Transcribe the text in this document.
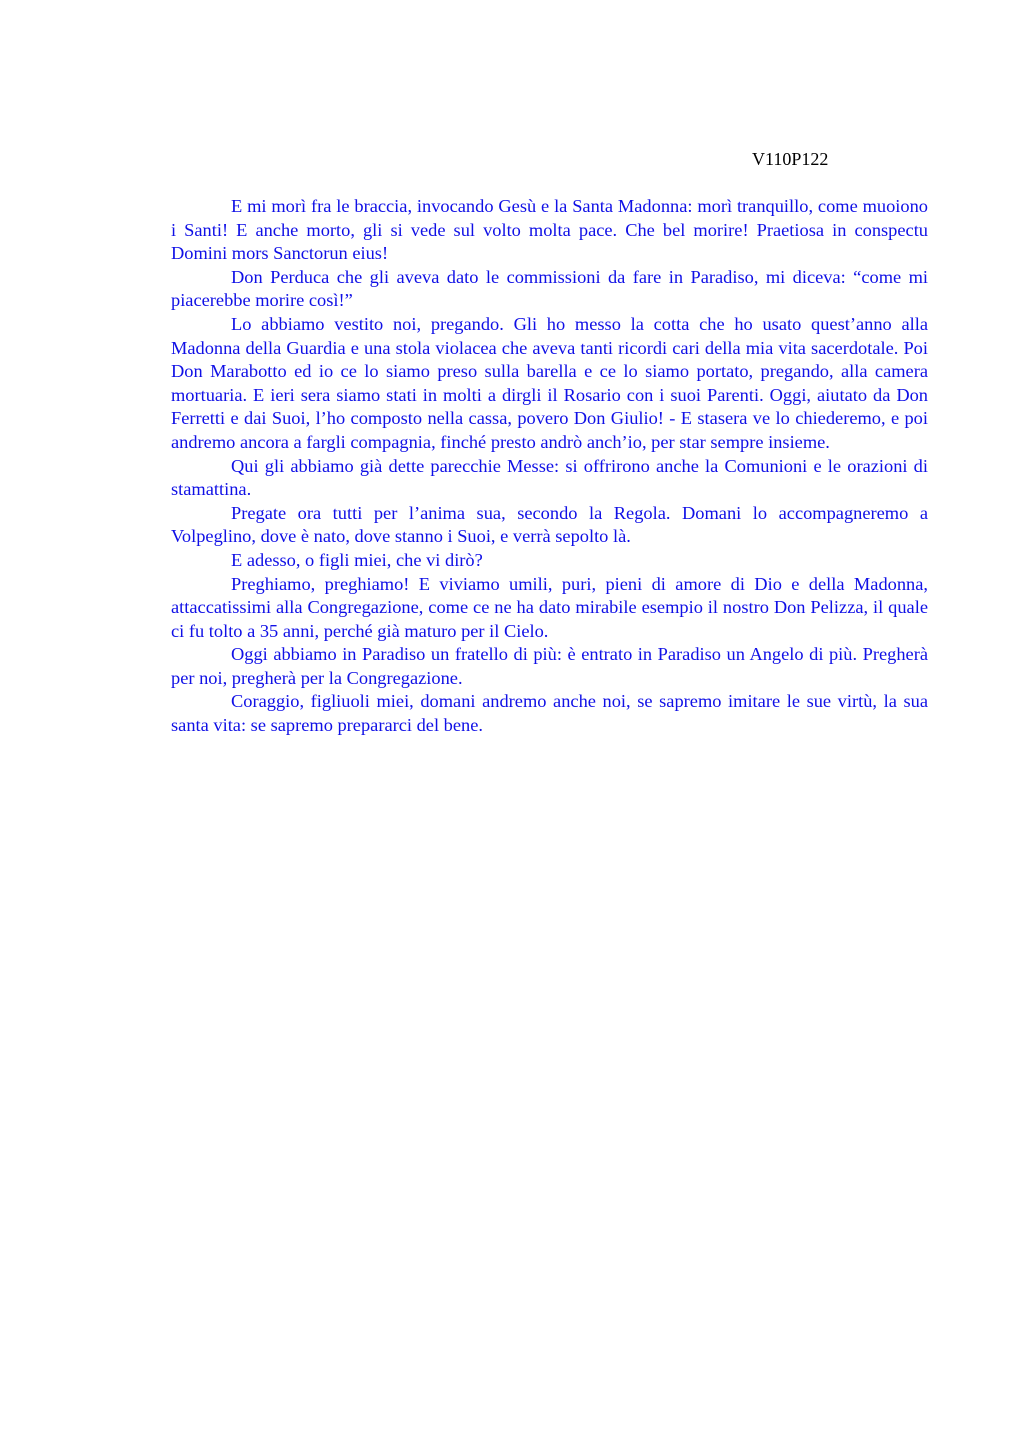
V110P122

E mi morì fra le braccia, invocando Gesù e la Santa Madonna: morì tranquillo, come muoiono i Santi! E anche morto, gli si vede sul volto molta pace. Che bel morire! Praetiosa in conspectu Domini mors Sanctorun eius!

Don Perduca che gli aveva dato le commissioni da fare in Paradiso, mi diceva: “come mi piacerebbe morire così!”

Lo abbiamo vestito noi, pregando. Gli ho messo la cotta che ho usato quest’anno alla Madonna della Guardia e una stola violacea che aveva tanti ricordi cari della mia vita sacerdotale. Poi Don Marabotto ed io ce lo siamo preso sulla barella e ce lo siamo portato, pregando, alla camera mortuaria. E ieri sera siamo stati in molti a dirgli il Rosario con i suoi Parenti. Oggi, aiutato da Don Ferretti e dai Suoi, l’ho composto nella cassa, povero Don Giulio! - E stasera ve lo chiederemo, e poi andremo ancora a fargli compagnia, finché presto andrò anch’io, per star sempre insieme.

Qui gli abbiamo già dette parecchie Messe: si offrirono anche la Comunioni e le orazioni di stamattina.

Pregate ora tutti per l’anima sua, secondo la Regola. Domani lo accompagneremo a Volpeglino, dove è nato, dove stanno i Suoi, e verrà sepolto là.

E adesso, o figli miei, che vi dirò?

Preghiamo, preghiamo! E viviamo umili, puri, pieni di amore di Dio e della Madonna, attaccatissimi alla Congregazione, come ce ne ha dato mirabile esempio il nostro Don Pelizza, il quale ci fu tolto a 35 anni, perché già maturo per il Cielo.

Oggi abbiamo in Paradiso un fratello di più: è entrato in Paradiso un Angelo di più. Pregherà per noi, pregherà per la Congregazione.

Coraggio, figliuoli miei, domani andremo anche noi, se sapremo imitare le sue virtù, la sua santa vita: se sapremo prepararci del bene.
